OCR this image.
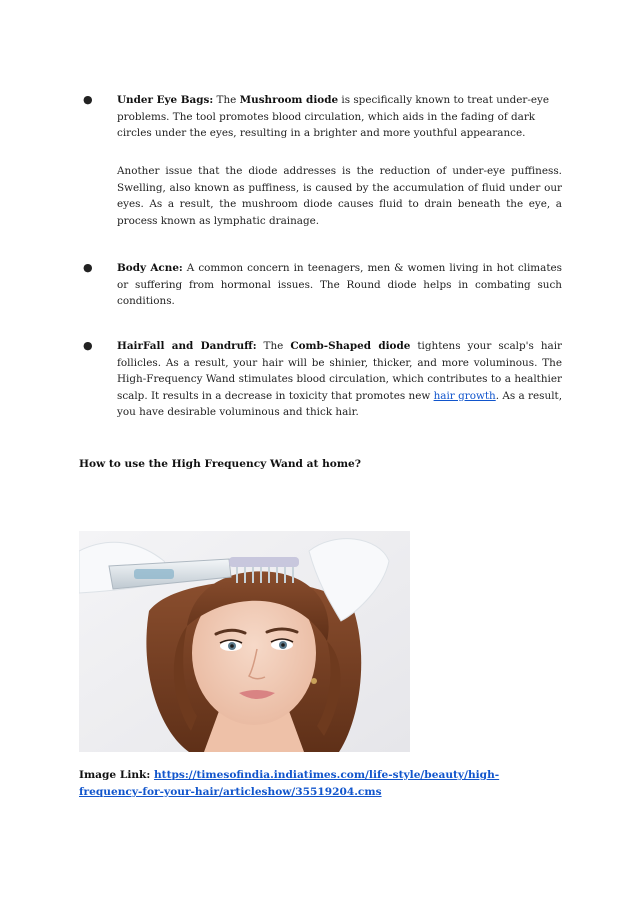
● Under Eye Bags: The Mushroom diode is specifically known to treat under-eye problems. The tool promotes blood circulation, which aids in the fading of dark circles under the eyes, resulting in a brighter and more youthful appearance.
Another issue that the diode addresses is the reduction of under-eye puffiness. Swelling, also known as puffiness, is caused by the accumulation of fluid under our eyes. As a result, the mushroom diode causes fluid to drain beneath the eye, a process known as lymphatic drainage.
● Body Acne: A common concern in teenagers, men & women living in hot climates or suffering from hormonal issues. The Round diode helps in combating such conditions.
● HairFall and Dandruff: The Comb-Shaped diode tightens your scalp's hair follicles. As a result, your hair will be shinier, thicker, and more voluminous. The High-Frequency Wand stimulates blood circulation, which contributes to a healthier scalp. It results in a decrease in toxicity that promotes new hair growth. As a result, you have desirable voluminous and thick hair.
How to use the High Frequency Wand at home?
Image Link: https://timesofindia.indiatimes.com/life-style/beauty/high-frequency-for-your-hair/articleshow/35519204.cms
